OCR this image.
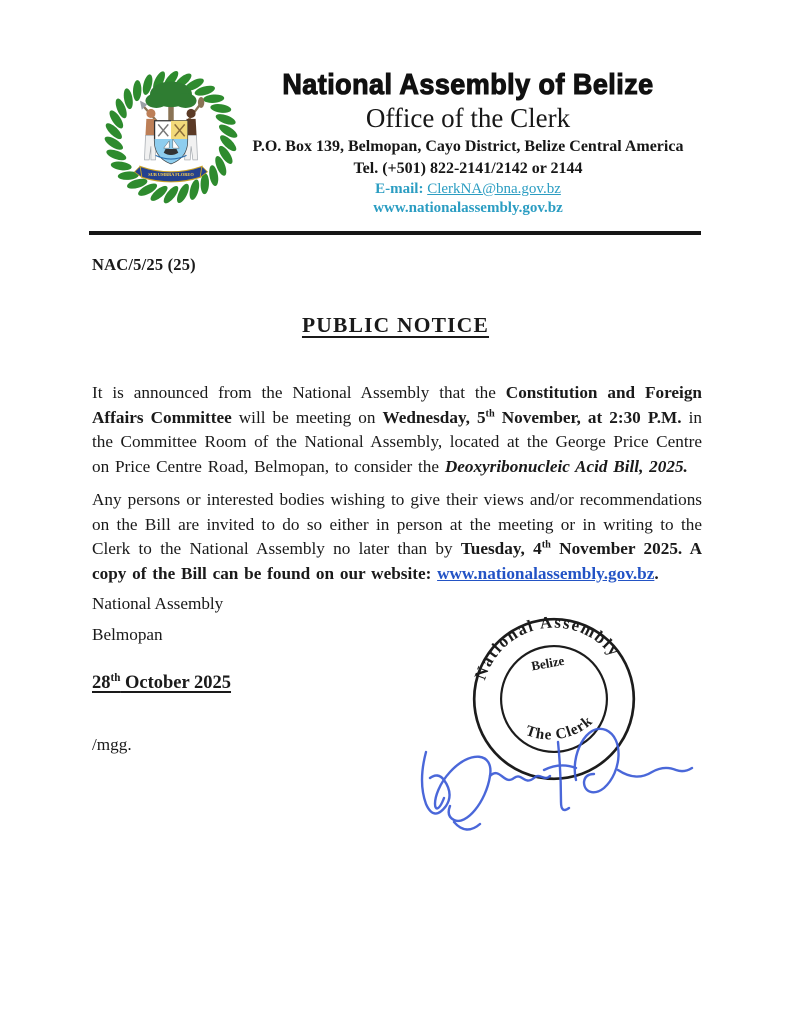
SUB UMBRA FLOREO
National Assembly of Belize
Office of the Clerk
P.O. Box 139, Belmopan, Cayo District, Belize Central America
Tel. (+501) 822-2141/2142 or 2144
E-mail: ClerkNA@bna.gov.bz
www.nationalassembly.gov.bz
NAC/5/25 (25)
PUBLIC NOTICE

It is announced from the National Assembly that the Constitution and Foreign Affairs Committee will be meeting on Wednesday, 5th November, at 2:30 P.M. in the Committee Room of the National Assembly, located at the George Price Centre on Price Centre Road, Belmopan, to consider the Deoxyribonucleic Acid Bill, 2025.

Any persons or interested bodies wishing to give their views and/or recommendations on the Bill are invited to do so either in person at the meeting or in writing to the Clerk to the National Assembly no later than by Tuesday, 4th November 2025. A copy of the Bill can be found on our website: www.nationalassembly.gov.bz.

National Assembly
Belmopan
28th October 2025
/mgg.
National Assembly
The Clerk
Belize
